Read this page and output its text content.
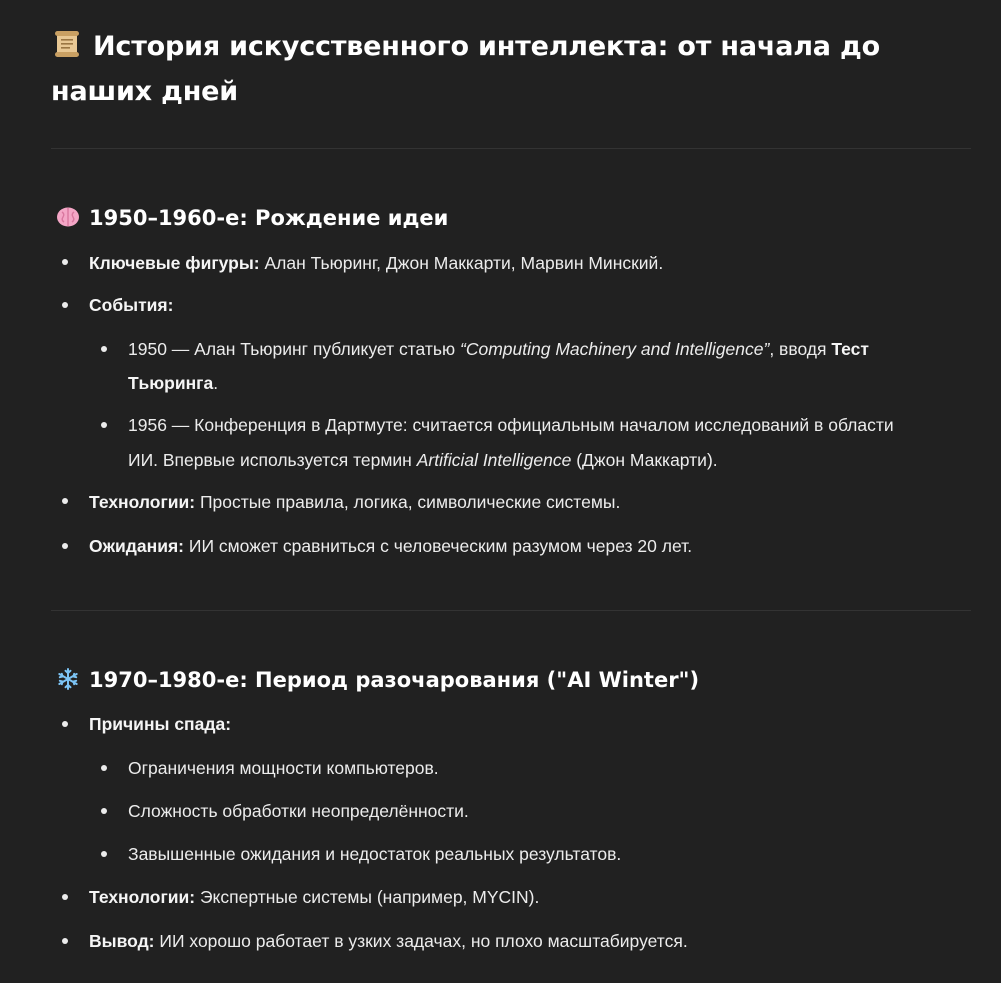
История искусственного интеллекта: от начала до наших дней
1950–1960-е: Рождение идеи
Ключевые фигуры: Алан Тьюринг, Джон Маккарти, Марвин Минский.
События:
1950 — Алан Тьюринг публикует статью “Computing Machinery and Intelligence”, вводя Тест
Тьюринга.
1956 — Конференция в Дартмуте: считается официальным началом исследований в области
ИИ. Впервые используется термин Artificial Intelligence (Джон Маккарти).
Технологии: Простые правила, логика, символические системы.
Ожидания: ИИ сможет сравниться с человеческим разумом через 20 лет.
1970–1980-е: Период разочарования ("AI Winter")
Причины спада:
Ограничения мощности компьютеров.
Сложность обработки неопределённости.
Завышенные ожидания и недостаток реальных результатов.
Технологии: Экспертные системы (например, MYCIN).
Вывод: ИИ хорошо работает в узких задачах, но плохо масштабируется.
